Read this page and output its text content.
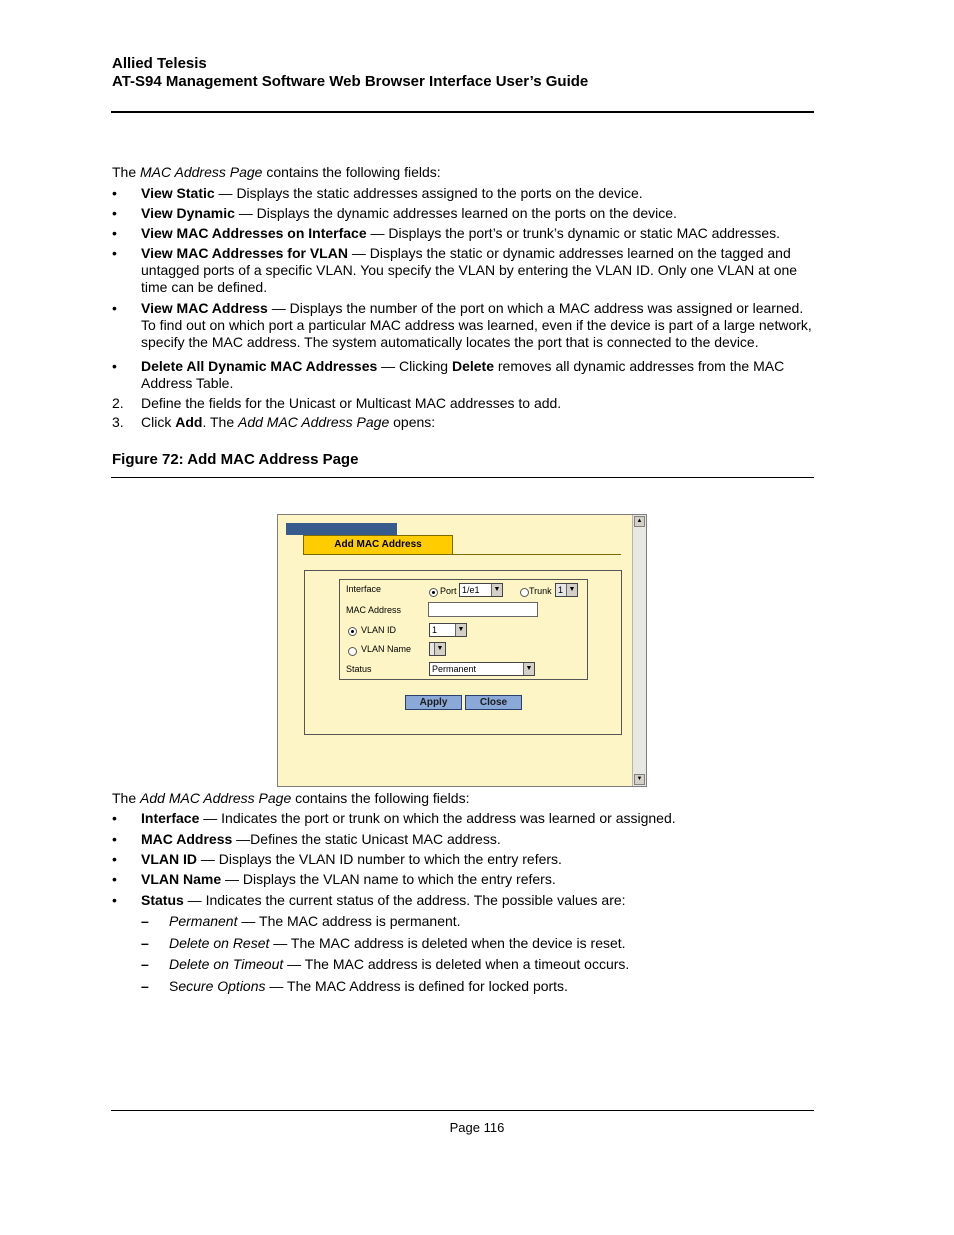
Allied Telesis
AT-S94 Management Software Web Browser Interface User’s Guide
The MAC Address Page contains the following fields:
•	View Static — Displays the static addresses assigned to the ports on the device.
•	View Dynamic — Displays the dynamic addresses learned on the ports on the device.
•	View MAC Addresses on Interface — Displays the port’s or trunk’s dynamic or static MAC addresses.
•	View MAC Addresses for VLAN — Displays the static or dynamic addresses learned on the tagged and untagged ports of a specific VLAN. You specify the VLAN by entering the VLAN ID. Only one VLAN at one time can be defined.
•	View MAC Address — Displays the number of the port on which a MAC address was assigned or learned. To find out on which port a particular MAC address was learned, even if the device is part of a large network, specify the MAC address. The system automatically locates the port that is connected to the device.
•	Delete All Dynamic MAC Addresses — Clicking Delete removes all dynamic addresses from the MAC Address Table.
2.	Define the fields for the Unicast or Multicast MAC addresses to add.
3.	Click Add. The Add MAC Address Page opens:
Figure 72: Add MAC Address Page
Add MAC Address
Interface	Port 1/e1	▼	Trunk 1 ▼
MAC Address
VLAN ID	1	▼
VLAN Name	▼
Status	Permanent	▼
Apply	Close
▲
▼
The Add MAC Address Page contains the following fields:
•	Interface — Indicates the port or trunk on which the address was learned or assigned.
•	MAC Address —Defines the static Unicast MAC address.
•	VLAN ID — Displays the VLAN ID number to which the entry refers.
•	VLAN Name — Displays the VLAN name to which the entry refers.
•	Status — Indicates the current status of the address. The possible values are:
– Permanent — The MAC address is permanent.
– Delete on Reset — The MAC address is deleted when the device is reset.
– Delete on Timeout — The MAC address is deleted when a timeout occurs.
– Secure Options — The MAC Address is defined for locked ports.
Page 116
